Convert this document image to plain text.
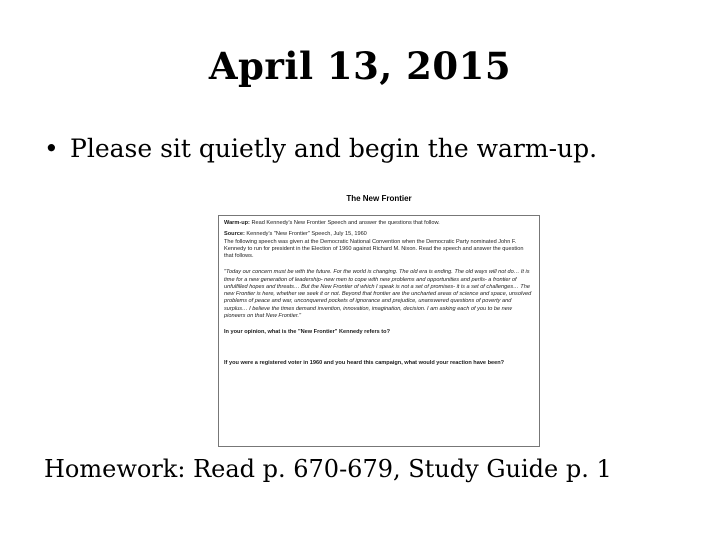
April 13, 2015
• Please sit quietly and begin the warm-up.
The New Frontier

Warm-up: Read Kennedy's New Frontier Speech and answer the questions that follow.

Source: Kennedy's "New Frontier" Speech, July 15, 1960

The following speech was given at the Democratic National Convention when the Democratic Party nominated John F. Kennedy to run for president in the Election of 1960 against Richard M. Nixon. Read the speech and answer the question that follows.

"Today our concern must be with the future. For the world is changing. The old era is ending. The old ways will not do… It is time for a new generation of leadership- new men to cope with new problems and opportunities and perils- a frontier of unfulfilled hopes and threats… But the New Frontier of which I speak is not a set of promises- it is a set of challenges… The new Frontier is here, whether we seek it or not. Beyond that frontier are the uncharted areas of science and space, unsolved problems of peace and war, unconquered pockets of ignorance and prejudice, unanswered questions of poverty and surplus… I believe the times demand invention, innovation, imagination, decision. I am asking each of you to be new pioneers on that New Frontier."

In your opinion, what is the "New Frontier" Kennedy refers to?

If you were a registered voter in 1960 and you heard this campaign, what would your reaction have been?

Homework: Read p. 670-679, Study Guide p. 1
